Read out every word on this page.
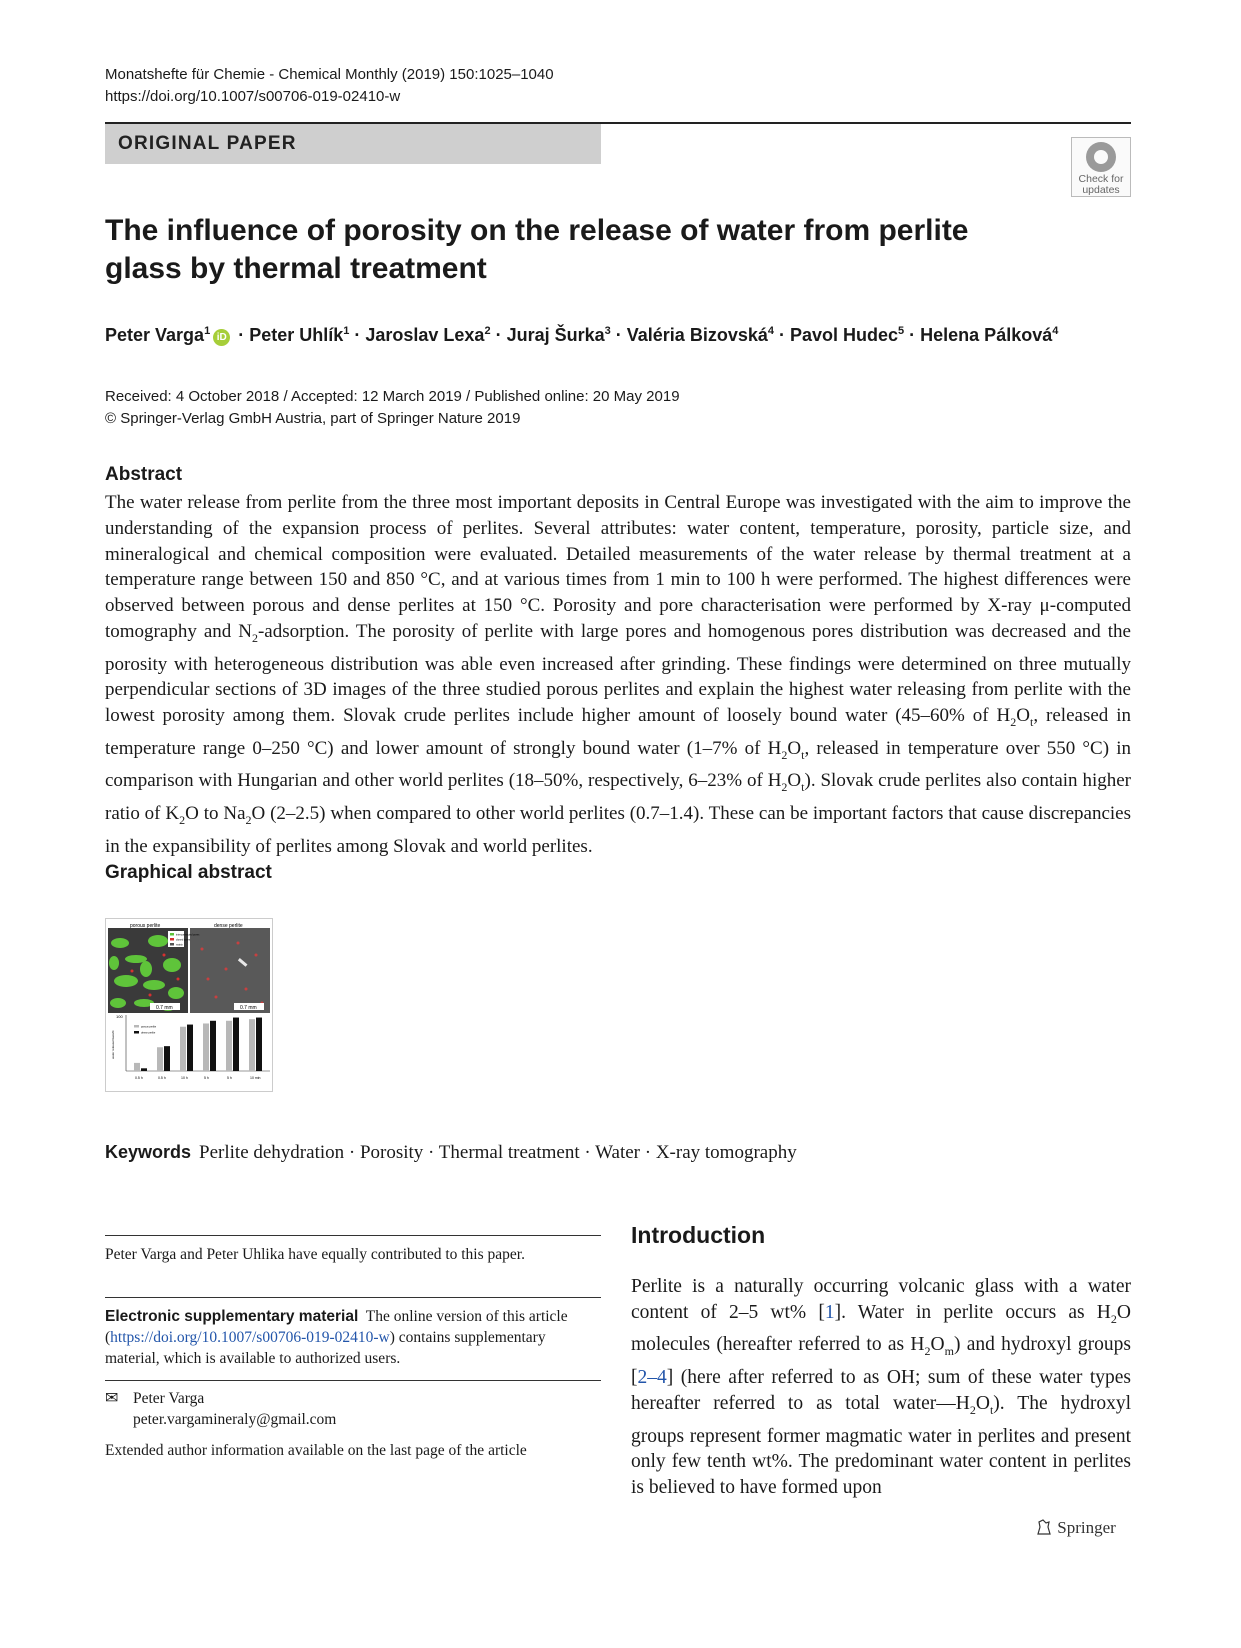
Monatshefte für Chemie - Chemical Monthly (2019) 150:1025–1040
https://doi.org/10.1007/s00706-019-02410-w
ORIGINAL PAPER
Check for updates
The influence of porosity on the release of water from perlite glass by thermal treatment
Peter Varga$^1$iD · Peter Uhlík$^1$ · Jaroslav Lexa$^2$ · Juraj Šurka$^3$ · Valéria Bizovská$^4$ · Pavol Hudec$^5$ · Helena Pálková$^4$
Received: 4 October 2018 / Accepted: 12 March 2019 / Published online: 20 May 2019
© Springer-Verlag GmbH Austria, part of Springer Nature 2019
Abstract

The water release from perlite from the three most important deposits in Central Europe was investigated with the aim to improve the understanding of the expansion process of perlites. Several attributes: water content, temperature, porosity, particle size, and mineralogical and chemical composition were evaluated. Detailed measurements of the water release by thermal treatment at a temperature range between 150 and 850 °C, and at various times from 1 min to 100 h were performed. The highest differences were observed between porous and dense perlites at 150 °C. Porosity and pore characterisation were performed by X-ray μ-computed tomography and $N_2$-adsorption. The porosity of perlite with large pores and homogenous pores distribution was decreased and the porosity with heterogeneous distribution was able even increased after grinding. These findings were determined on three mutually perpendicular sections of 3D images of the three studied porous perlites and explain the highest water releasing from perlite with the lowest porosity among them. Slovak crude perlites include higher amount of loosely bound water (45–60% of $H_2O_t$, released in temperature range 0–250 °C) and lower amount of strongly bound water (1–7% of $H_2O_t$, released in temperature over 550 °C) in comparison with Hungarian and other world perlites (18–50%, respectively, 6–23% of $H_2O_t$). Slovak crude perlites also contain higher ratio of $K_2O$ to $Na_2O$ (2–2.5) when compared to other world perlites (0.7–1.4). These can be important factors that cause discrepancies in the expansibility of perlites among Slovak and world perlites.

Graphical abstract
porous perlite	dense perlite
interconnected pores
closed pores
matrix
0.7 mm	0.7 mm
100
water release/mass%
porous perlite
dense perlite
0.5 h	0.5 h	10 h	5 h	5 h	10 min
Keywords Perlite dehydration · Porosity · Thermal treatment · Water · X-ray tomography

Peter Varga and Peter Uhlika have equally contributed to this paper.

Electronic supplementary material The online version of this article (https://doi.org/10.1007/s00706-019-02410-w) contains supplementary material, which is available to authorized users.

✉ Peter Varga
peter.vargamineraly@gmail.com

Extended author information available on the last page of the article

Introduction

Perlite is a naturally occurring volcanic glass with a water content of 2–5 wt% [1]. Water in perlite occurs as $H_2O$ molecules (hereafter referred to as $H_2O_m$) and hydroxyl groups [2–4] (here after referred to as OH; sum of these water types hereafter referred to as total $water—H_2O_t$). The hydroxyl groups represent former magmatic water in perlites and present only few tenth wt%. The predominant water content in perlites is believed to have formed upon

Springer
